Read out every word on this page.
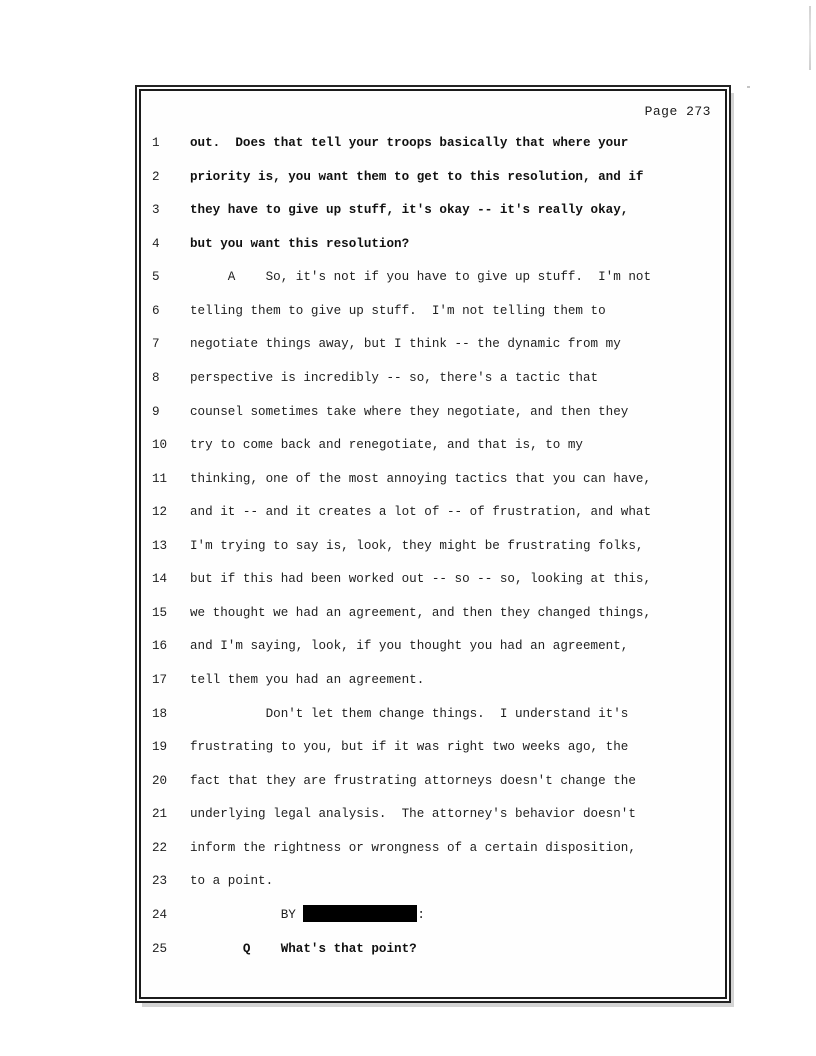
Page 273
1	out.  Does that tell your troops basically that where your
2	priority is, you want them to get to this resolution, and if
3	they have to give up stuff, it's okay -- it's really okay,
4	but you want this resolution?
5	A    So, it's not if you have to give up stuff.  I'm not
6	telling them to give up stuff.  I'm not telling them to
7	negotiate things away, but I think -- the dynamic from my
8	perspective is incredibly -- so, there's a tactic that
9	counsel sometimes take where they negotiate, and then they
10	try to come back and renegotiate, and that is, to my
11	thinking, one of the most annoying tactics that you can have,
12	and it -- and it creates a lot of -- of frustration, and what
13	I'm trying to say is, look, they might be frustrating folks,
14	but if this had been worked out -- so -- so, looking at this,
15	we thought we had an agreement, and then they changed things,
16	and I'm saying, look, if you thought you had an agreement,
17	tell them you had an agreement.
18	Don't let them change things.  I understand it's
19	frustrating to you, but if it was right two weeks ago, the
20	fact that they are frustrating attorneys doesn't change the
21	underlying legal analysis.  The attorney's behavior doesn't
22	inform the rightness or wrongness of a certain disposition,
23	to a point.
24	BY	:
25	Q    What's that point?
